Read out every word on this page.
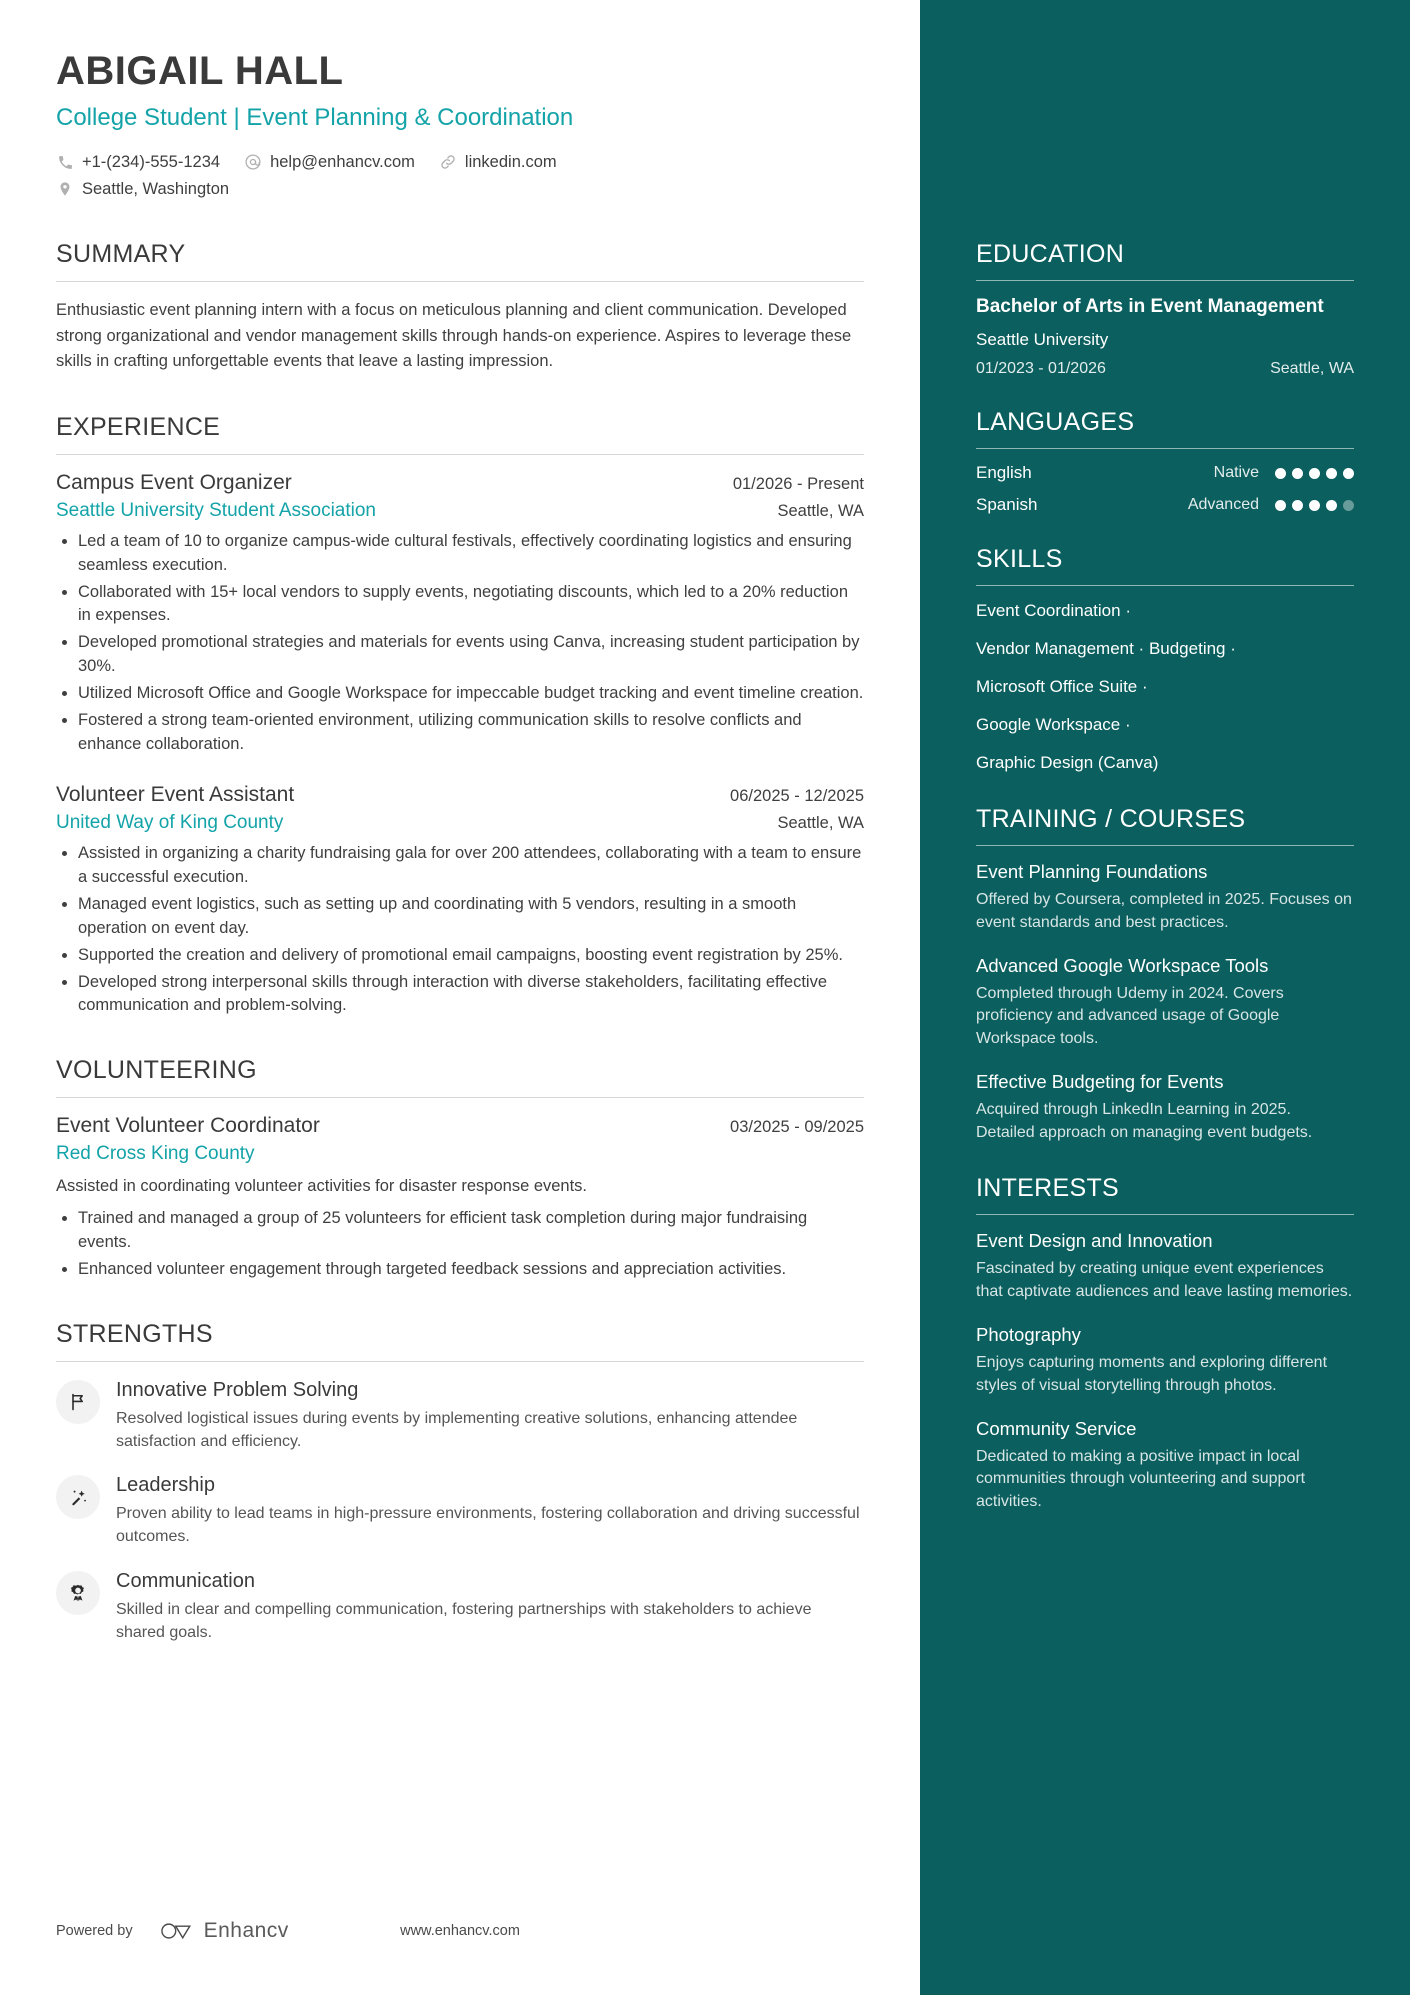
ABIGAIL HALL
College Student | Event Planning & Coordination
+1-(234)-555-1234	help@enhancv.com	linkedin.com
Seattle, Washington
SUMMARY
Enthusiastic event planning intern with a focus on meticulous planning and client communication. Developed strong organizational and vendor management skills through hands-on experience. Aspires to leverage these skills in crafting unforgettable events that leave a lasting impression.
EXPERIENCE
Campus Event Organizer	01/2026 - Present
Seattle University Student Association	Seattle, WA
• Led a team of 10 to organize campus-wide cultural festivals, effectively coordinating logistics and ensuring seamless execution.
• Collaborated with 15+ local vendors to supply events, negotiating discounts, which led to a 20% reduction in expenses.
• Developed promotional strategies and materials for events using Canva, increasing student participation by 30%.
• Utilized Microsoft Office and Google Workspace for impeccable budget tracking and event timeline creation.
• Fostered a strong team-oriented environment, utilizing communication skills to resolve conflicts and enhance collaboration.
Volunteer Event Assistant	06/2025 - 12/2025
United Way of King County	Seattle, WA
• Assisted in organizing a charity fundraising gala for over 200 attendees, collaborating with a team to ensure a successful execution.
• Managed event logistics, such as setting up and coordinating with 5 vendors, resulting in a smooth operation on event day.
• Supported the creation and delivery of promotional email campaigns, boosting event registration by 25%.
• Developed strong interpersonal skills through interaction with diverse stakeholders, facilitating effective communication and problem-solving.
VOLUNTEERING
Event Volunteer Coordinator	03/2025 - 09/2025
Red Cross King County
Assisted in coordinating volunteer activities for disaster response events.
• Trained and managed a group of 25 volunteers for efficient task completion during major fundraising events.
• Enhanced volunteer engagement through targeted feedback sessions and appreciation activities.
STRENGTHS
Innovative Problem Solving
Resolved logistical issues during events by implementing creative solutions, enhancing attendee satisfaction and efficiency.
Leadership
Proven ability to lead teams in high-pressure environments, fostering collaboration and driving successful outcomes.
Communication
Skilled in clear and compelling communication, fostering partnerships with stakeholders to achieve shared goals.
Powered by	Enhancv	www.enhancv.com
EDUCATION
Bachelor of Arts in Event Management
Seattle University
01/2023 - 01/2026	Seattle, WA
LANGUAGES
English	Native
Spanish	Advanced
SKILLS
Event Coordination ·
Vendor Management · Budgeting ·
Microsoft Office Suite ·
Google Workspace ·
Graphic Design (Canva)
TRAINING / COURSES
Event Planning Foundations
Offered by Coursera, completed in 2025. Focuses on event standards and best practices.
Advanced Google Workspace Tools
Completed through Udemy in 2024. Covers proficiency and advanced usage of Google Workspace tools.
Effective Budgeting for Events
Acquired through LinkedIn Learning in 2025. Detailed approach on managing event budgets.
INTERESTS
Event Design and Innovation
Fascinated by creating unique event experiences that captivate audiences and leave lasting memories.
Photography
Enjoys capturing moments and exploring different styles of visual storytelling through photos.
Community Service
Dedicated to making a positive impact in local communities through volunteering and support activities.
